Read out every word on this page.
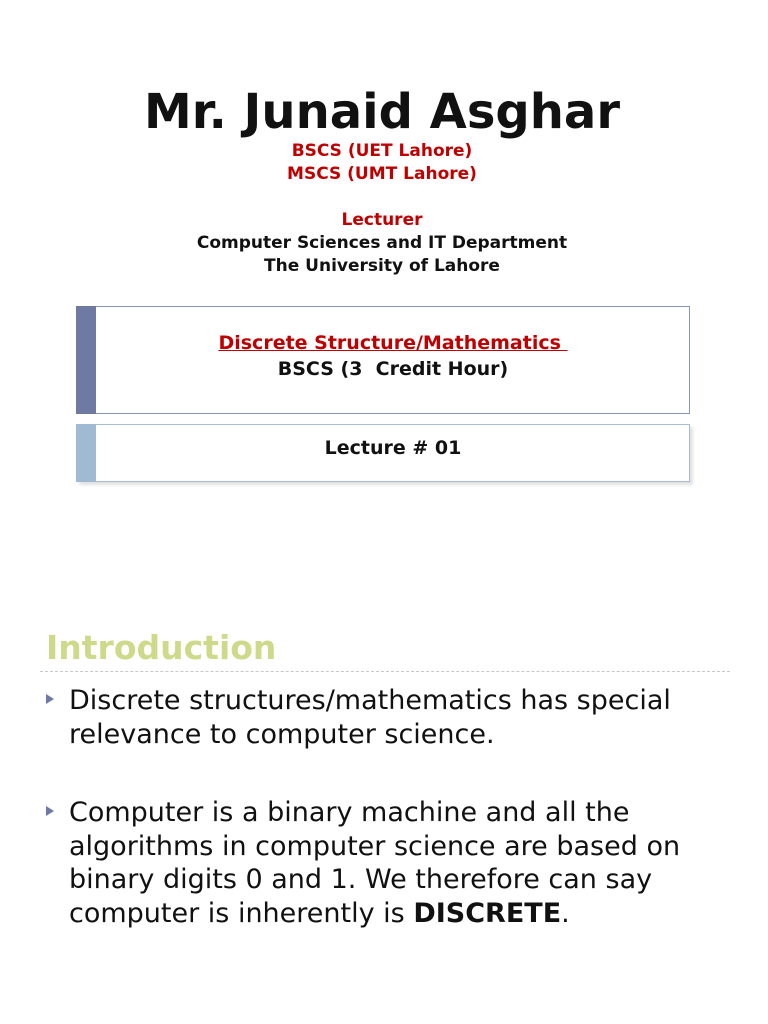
Mr. Junaid Asghar
BSCS (UET Lahore)
MSCS (UMT Lahore)
Lecturer
Computer Sciences and IT Department
The University of Lahore
Discrete Structure/Mathematics
BSCS (3  Credit Hour)
Lecture # 01
Introduction
Discrete structures/mathematics has special relevance to computer science.
Computer is a binary machine and all the algorithms in computer science are based on binary digits 0 and 1. We therefore can say computer is inherently is DISCRETE.
